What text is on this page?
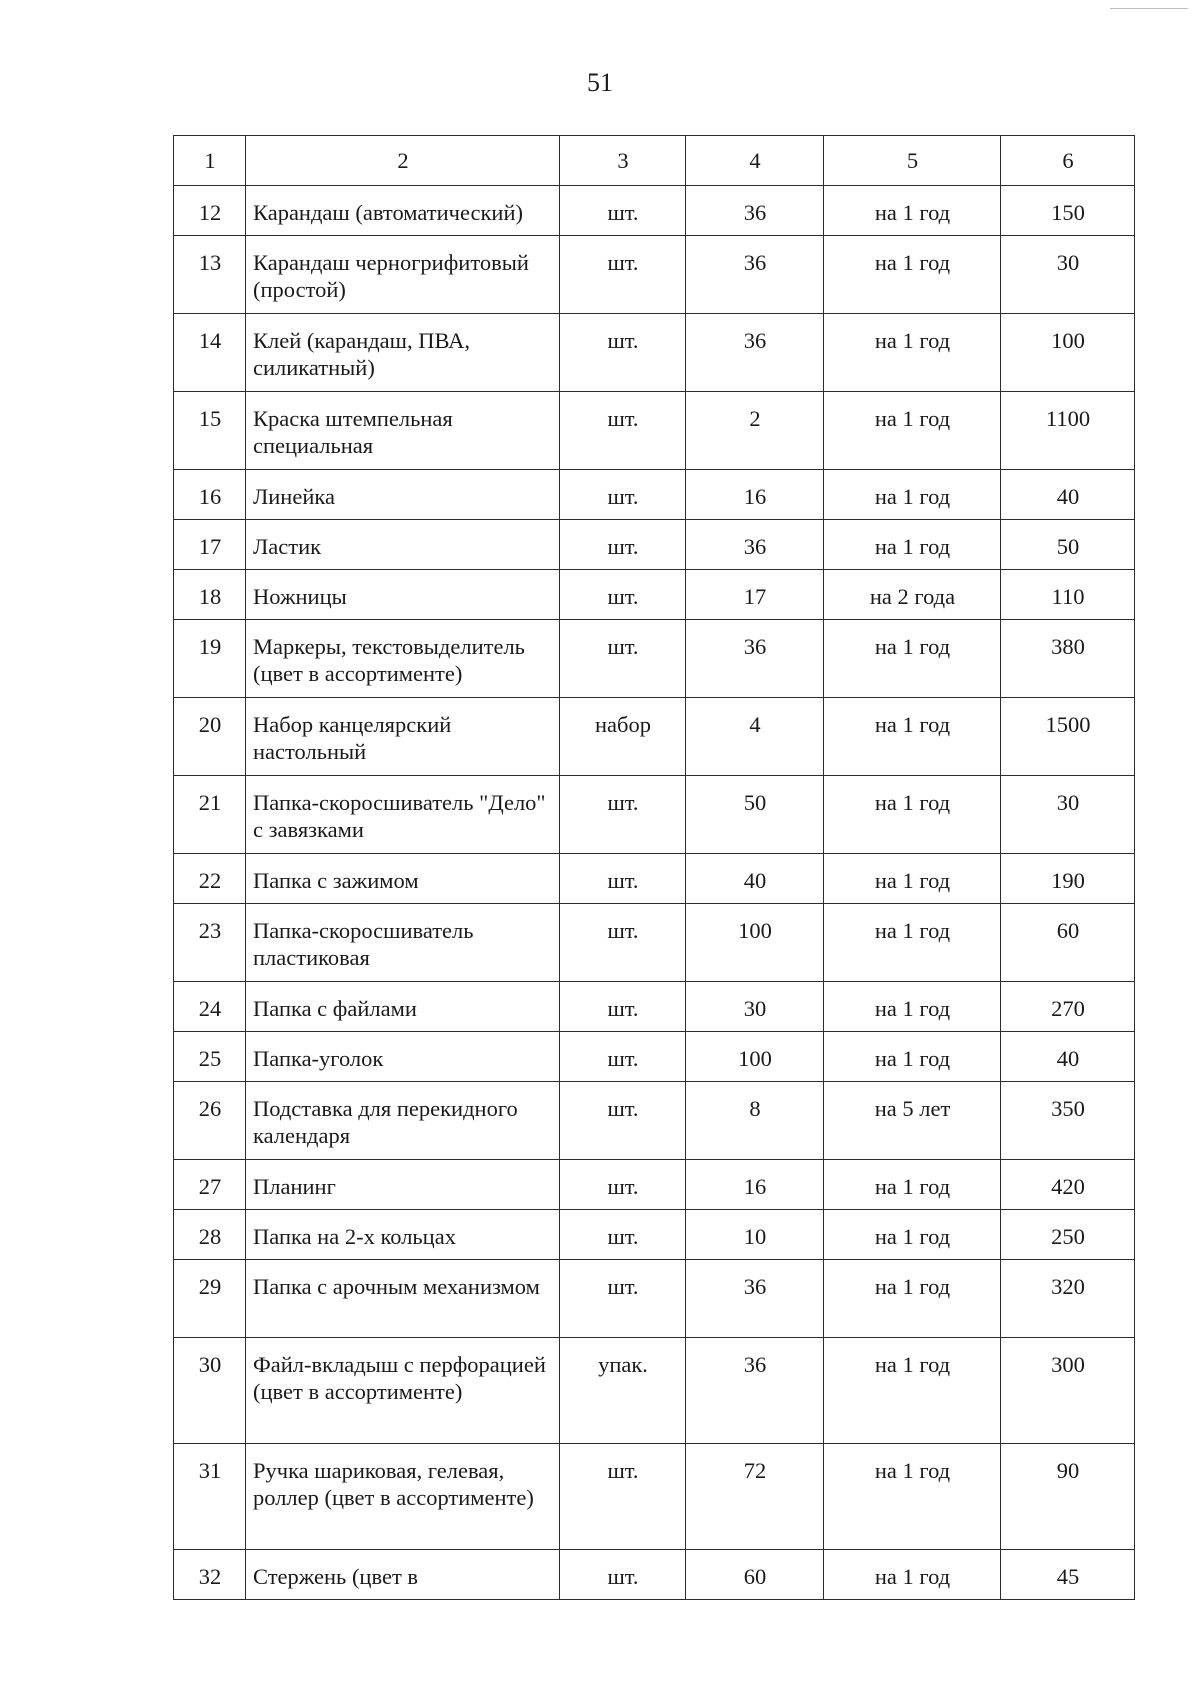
51
1	2	3	4	5	6
12	Карандаш (автоматический)	шт.	36	на 1 год	150
13	Карандаш черногрифитовый (простой)	шт.	36	на 1 год	30
14	Клей (карандаш, ПВА, силикатный)	шт.	36	на 1 год	100
15	Краска штемпельная специальная	шт.	2	на 1 год	1100
16	Линейка	шт.	16	на 1 год	40
17	Ластик	шт.	36	на 1 год	50
18	Ножницы	шт.	17	на 2 года	110
19	Маркеры, текстовыделитель (цвет в ассортименте)	шт.	36	на 1 год	380
20	Набор канцелярский настольный	набор	4	на 1 год	1500
21	Папка-скоросшиватель "Дело" с завязками	шт.	50	на 1 год	30
22	Папка с зажимом	шт.	40	на 1 год	190
23	Папка-скоросшиватель пластиковая	шт.	100	на 1 год	60
24	Папка с файлами	шт.	30	на 1 год	270
25	Папка-уголок	шт.	100	на 1 год	40
26	Подставка для перекидного календаря	шт.	8	на 5 лет	350
27	Планинг	шт.	16	на 1 год	420
28	Папка на 2-х кольцах	шт.	10	на 1 год	250
29	Папка с арочным механизмом	шт.	36	на 1 год	320
30	Файл-вкладыш с перфорацией (цвет в ассортименте)	упак.	36	на 1 год	300
31	Ручка шариковая, гелевая, роллер (цвет в ассортименте)	шт.	72	на 1 год	90
32	Стержень (цвет в	шт.	60	на 1 год	45
